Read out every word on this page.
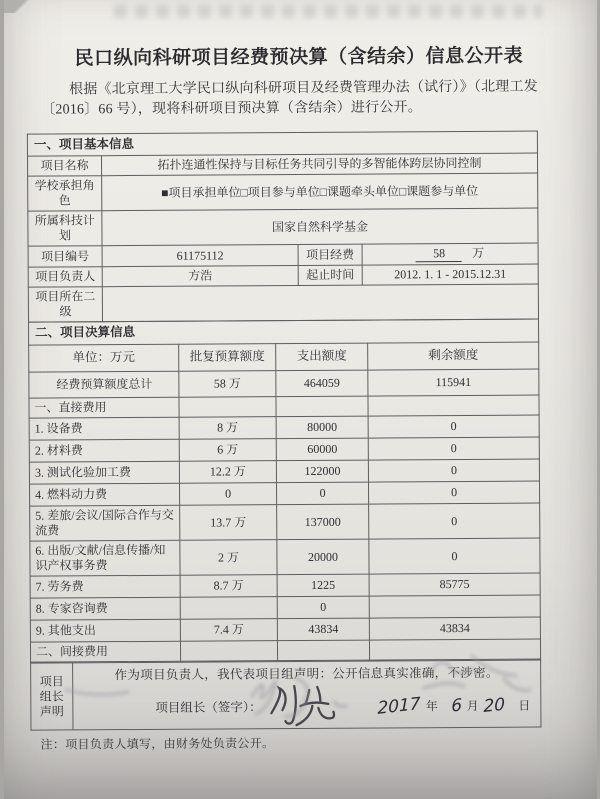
民口纵向科研项目经费预决算（含结余）信息公开表
根据《北京理工大学民口纵向科研项目及经费管理办法（试行）》（北理工发〔2016〕66 号），现将科研项目预决算（含结余）进行公开。
一、项目基本信息			
项目名称	拓扑连通性保持与目标任务共同引导的多智能体跨层协同控制		
学校承担角色	■项目承担单位□项目参与单位□课题牵头单位□课题参与单位		
所属科技计划	国家自然科学基金		
项目编号	61175112	项目经费	58 万
项目负责人	方浩	起止时间	2012. 1. 1 - 2015.12.31
项目所在二级			
二、项目决算信息			
单位：万元	批复预算额度	支出额度	剩余额度
经费预算额度总计	58 万	464059	115941
一、直接费用			
1. 设备费	8 万	80000	0
2. 材料费	6 万	60000	0
3. 测试化验加工费	12.2 万	122000	0
4. 燃料动力费	0	0	0
5. 差旅/会议/国际合作与交流费	13.7 万	137000	0
6. 出版/文献/信息传播/知识产权事务费	2 万	20000	0
7. 劳务费	8.7 万	1225	85775
8. 专家咨询费		0	
9. 其他支出	7.4 万	43834	43834
二、间接费用			
项目组长声明	
作为项目负责人，我代表项目组声明：公开信息真实准确，不涉密。
项目组长（签字）：	2017 年 6 月 20 日
注：项目负责人填写，由财务处负责公开。
